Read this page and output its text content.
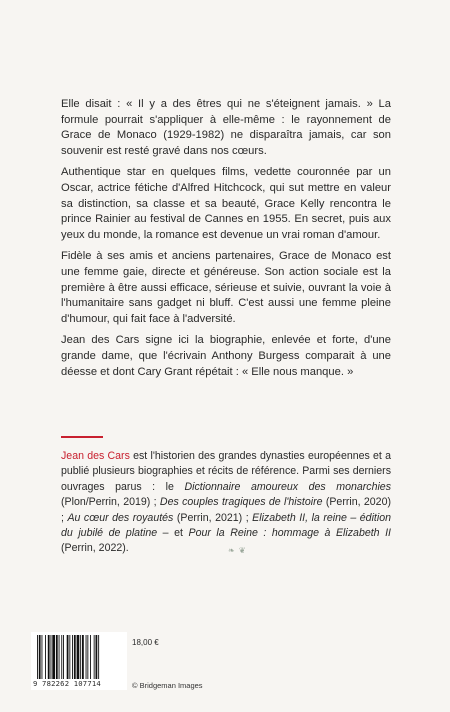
Elle disait : « Il y a des êtres qui ne s'éteignent jamais. » La formule pourrait s'appliquer à elle-même : le rayonnement de Grace de Monaco (1929-1982) ne disparaîtra jamais, car son souvenir est resté gravé dans nos cœurs.

Authentique star en quelques films, vedette couronnée par un Oscar, actrice fétiche d'Alfred Hitchcock, qui sut mettre en valeur sa distinction, sa classe et sa beauté, Grace Kelly rencontra le prince Rainier au festival de Cannes en 1955. En secret, puis aux yeux du monde, la romance est devenue un vrai roman d'amour.

Fidèle à ses amis et anciens partenaires, Grace de Monaco est une femme gaie, directe et généreuse. Son action sociale est la première à être aussi efficace, sérieuse et suivie, ouvrant la voie à l'humanitaire sans gadget ni bluff. C'est aussi une femme pleine d'humour, qui fait face à l'adversité.

Jean des Cars signe ici la biographie, enlevée et forte, d'une grande dame, que l'écrivain Anthony Burgess comparait à une déesse et dont Cary Grant répétait : « Elle nous manque. »

Jean des Cars est l'historien des grandes dynasties européennes et a publié plusieurs biographies et récits de référence. Parmi ses derniers ouvrages parus : le Dictionnaire amoureux des monarchies (Plon/Perrin, 2019) ; Des couples tragiques de l'histoire (Perrin, 2020) ; Au cœur des royautés (Perrin, 2021) ; Elizabeth II, la reine – édition du jubilé de platine – et Pour la Reine : hommage à Elizabeth II (Perrin, 2022).	❧ ❦
9 782262 107714
18,00 €
© Bridgeman Images
